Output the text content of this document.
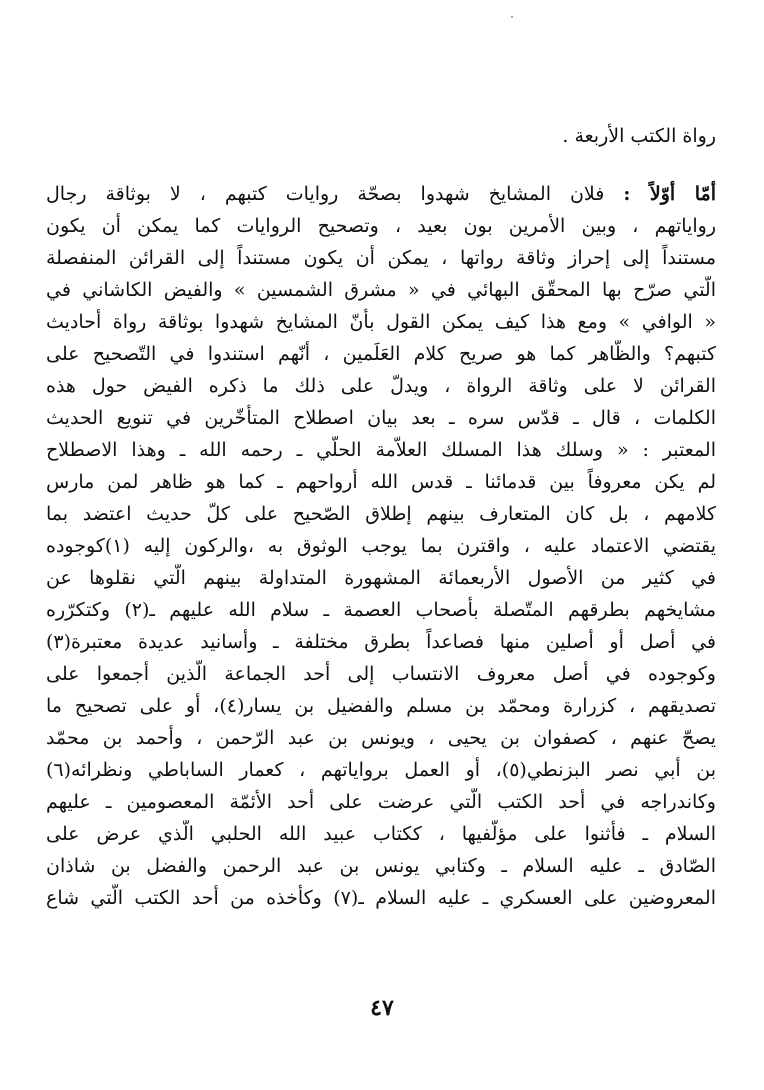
رواة الكتب الأربعة .
أمّا أوّلاً : فلان المشايخ شهدوا بصحّة روايات كتبهم ، لا بوثاقة رجال
رواياتهم ، وبين الأمرين بون بعيد ، وتصحيح الروايات كما يمكن أن يكون
مستنداً إلى إحراز وثاقة رواتها ، يمكن أن يكون مستنداً إلى القرائن المنفصلة
الّتي صرّح بها المحقّق البهائي في « مشرق الشمسين » والفيض الكاشاني في
« الوافي » ومع هذا كيف يمكن القول بأنّ المشايخ شهدوا بوثاقة رواة أحاديث
كتبهم؟ والظّاهر كما هو صريح كلام العَلَمين ، أنّهم استندوا في التّصحيح على
القرائن لا على وثاقة الرواة ، ويدلّ على ذلك ما ذكره الفيض حول هذه
الكلمات ، قال ـ قدّس سره ـ بعد بيان اصطلاح المتأخّرين في تنويع الحديث
المعتبر : « وسلك هذا المسلك العلاّمة الحلّي ـ رحمه الله ـ وهذا الاصطلاح
لم يكن معروفاً بين قدمائنا ـ قدس الله أرواحهم ـ كما هو ظاهر لمن مارس
كلامهم ، بل كان المتعارف بينهم إطلاق الصّحيح على كلّ حديث اعتضد بما
يقتضي الاعتماد عليه ، واقترن بما يوجب الوثوق به ،والركون إليه (١)كوجوده
في كثير من الأصول الأربعمائة المشهورة المتداولة بينهم الّتي نقلوها عن
مشايخهم بطرقهم المتّصلة بأصحاب العصمة ـ سلام الله عليهم ـ(٢) وكتكرّره
في أصل أو أصلين منها فصاعداً بطرق مختلفة ـ وأسانيد عديدة معتبرة(٣)
وكوجوده في أصل معروف الانتساب إلى أحد الجماعة الّذين أجمعوا على
تصديقهم ، كزرارة ومحمّد بن مسلم والفضيل بن يسار(٤)، أو على تصحيح ما
يصحّ عنهم ، كصفوان بن يحيى ، ويونس بن عبد الرّحمن ، وأحمد بن محمّد
بن أبي نصر البزنطي(٥)، أو العمل برواياتهم ، كعمار الساباطي ونظرائه(٦)
وكاندراجه في أحد الكتب الّتي عرضت على أحد الأئمّة المعصومين ـ عليهم
السلام ـ فأثنوا على مؤلّفيها ، ككتاب عبيد الله الحلبي الّذي عرض على
الصّادق ـ عليه السلام ـ وكتابي يونس بن عبد الرحمن والفضل بن شاذان
المعروضين على العسكري ـ عليه السلام ـ(٧) وكأخذه من أحد الكتب الّتي شاع
٤٧
